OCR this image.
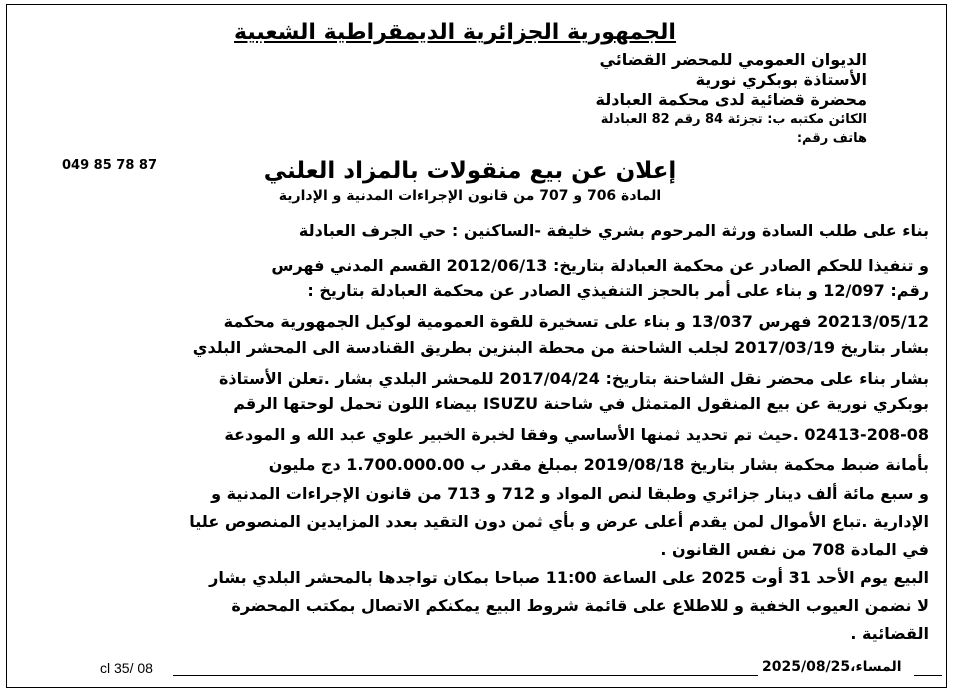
الجمهورية الجزائرية الديمقراطية الشعبية
الديوان العمومي للمحضر القضائي
الأستاذة بوبكري نورية
محضرة قضائية لدى محكمة العبادلة
الكائن مكتبه ب: تجزئة 84 رقم 82 العبادلة
هاتف رقم:
049 85 78 87	إعلان عن بيع منقولات بالمزاد العلني
المادة 706 و 707 من قانون الإجراءات المدنية و الإدارية
بناء على طلب السادة ورثة المرحوم بشري خليفة -الساكنين : حي الجرف العبادلة
و تنفيذا للحكم الصادر عن محكمة العبادلة بتاريخ: 2012/06/13 القسم المدني فهرس
رقم: 12/097 و بناء على أمر بالحجز التنفيذي الصادر عن محكمة العبادلة بتاريخ :
20213/05/12 فهرس 13/037 و بناء على تسخيرة للقوة العمومية لوكيل الجمهورية محكمة
بشار بتاريخ 2017/03/19 لجلب الشاحنة من محطة البنزين بطريق القنادسة الى المحشر البلدي
بشار بناء على محضر نقل الشاحنة بتاريخ: 2017/04/24 للمحشر البلدي بشار .تعلن الأستاذة
بوبكري نورية عن بيع المنقول المتمثل في شاحنة ISUZU بيضاء اللون تحمل لوحتها الرقم
02413-208-08 .حيث تم تحديد ثمنها الأساسي وفقا لخبرة الخبير علوي عبد الله و المودعة
بأمانة ضبط محكمة بشار بتاريخ 2019/08/18 بمبلغ مقدر ب 1.700.000.00 دج مليون
و سبع مائة ألف دينار جزائري وطبقا لنص المواد و 712 و 713 من قانون الإجراءات المدنية و
الإدارية .تباع الأموال لمن يقدم أعلى عرض و بأي ثمن دون التقيد بعدد المزايدين المنصوص عليا
في المادة 708 من نفس القانون .
البيع يوم الأحد 31 أوت 2025 على الساعة 11:00 صباحا بمكان تواجدها بالمحشر البلدي بشار
لا نضمن العيوب الخفية و للاطلاع على قائمة شروط البيع يمكنكم الاتصال بمكتب المحضرة
القضائية .
cl 35/ 08	المساء،2025/08/25
